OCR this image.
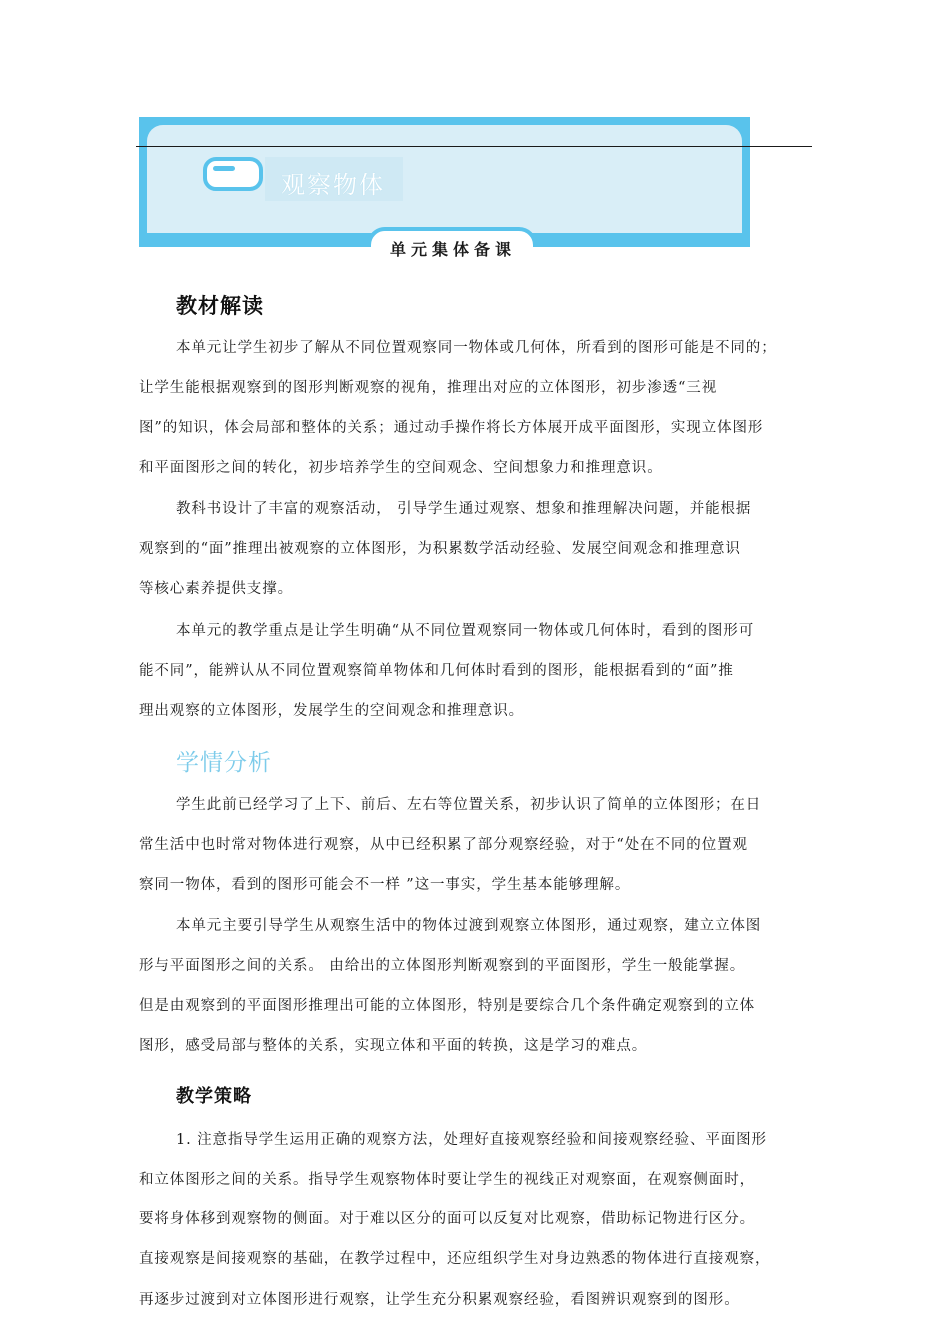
观察物体
单元集体备课
教材解读

本单元让学生初步了解从不同位置观察同一物体或几何体，所看到的图形可能是不同的；

让学生能根据观察到的图形判断观察的视角，推理出对应的立体图形，初步渗透“三视

图”的知识，体会局部和整体的关系；通过动手操作将长方体展开成平面图形，实现立体图形

和平面图形之间的转化，初步培养学生的空间观念、空间想象力和推理意识。

教科书设计了丰富的观察活动， 引导学生通过观察、想象和推理解决问题，并能根据

观察到的“面”推理出被观察的立体图形，为积累数学活动经验、发展空间观念和推理意识

等核心素养提供支撑。

本单元的教学重点是让学生明确“从不同位置观察同一物体或几何体时，看到的图形可

能不同”，能辨认从不同位置观察简单物体和几何体时看到的图形，能根据看到的“面”推

理出观察的立体图形，发展学生的空间观念和推理意识。

学情分析

学生此前已经学习了上下、前后、左右等位置关系，初步认识了简单的立体图形；在日

常生活中也时常对物体进行观察，从中已经积累了部分观察经验，对于“处在不同的位置观

察同一物体，看到的图形可能会不一样 ”这一事实，学生基本能够理解。

本单元主要引导学生从观察生活中的物体过渡到观察立体图形，通过观察，建立立体图

形与平面图形之间的关系。 由给出的立体图形判断观察到的平面图形，学生一般能掌握。

但是由观察到的平面图形推理出可能的立体图形，特别是要综合几个条件确定观察到的立体

图形，感受局部与整体的关系，实现立体和平面的转换，这是学习的难点。

教学策略

1. 注意指导学生运用正确的观察方法，处理好直接观察经验和间接观察经验、平面图形

和立体图形之间的关系。指导学生观察物体时要让学生的视线正对观察面，在观察侧面时，

要将身体移到观察物的侧面。对于难以区分的面可以反复对比观察，借助标记物进行区分。

直接观察是间接观察的基础，在教学过程中，还应组织学生对身边熟悉的物体进行直接观察，

再逐步过渡到对立体图形进行观察，让学生充分积累观察经验，看图辨识观察到的图形。
